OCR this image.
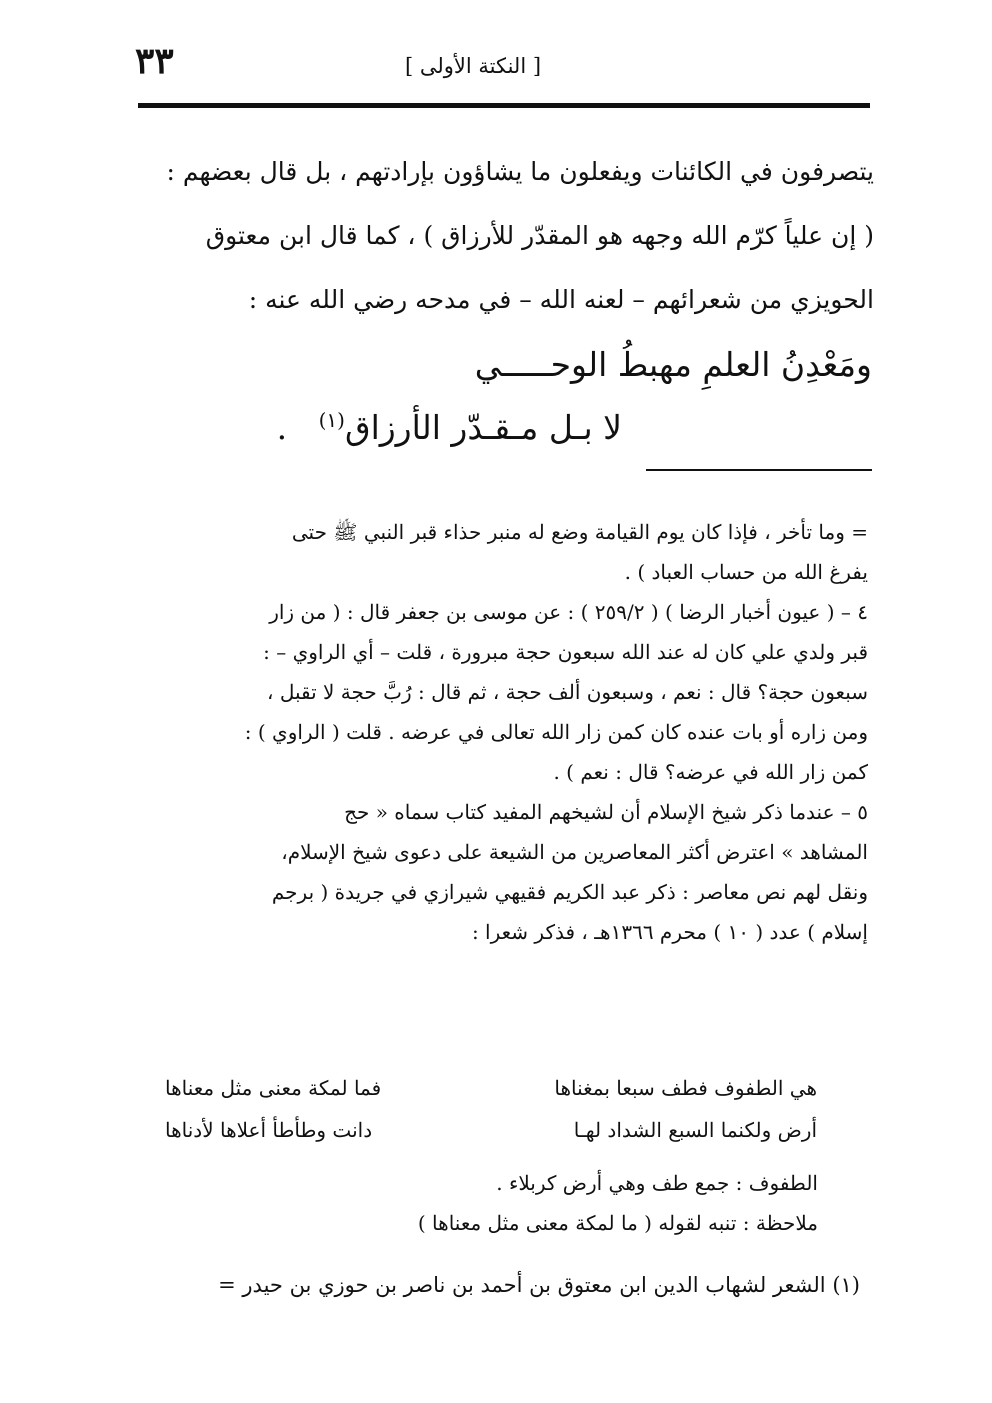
٣٣	[ النكتة الأولى ]
يتصرفون في الكائنات ويفعلون ما يشاؤون بإرادتهم ، بل قال بعضهم :
( إن علياً كرّم الله وجهه هو المقدّر للأرزاق ) ، كما قال ابن معتوق
الحويزي من شعرائهم – لعنه الله – في مدحه رضي الله عنه :
ومَعْدِنُ العلمِ مهبطُ الوحـــــي
لا بـل مـقـدّر الأرزاق$^{(١)}$   .
= وما تأخر ، فإذا كان يوم القيامة وضع له منبر حذاء قبر النبي ﷺ حتى
يفرغ الله من حساب العباد ) .
٤ – ( عيون أخبار الرضا ) ( ٢٥٩/٢ ) : عن موسى بن جعفر قال : ( من زار
قبر ولدي علي كان له عند الله سبعون حجة مبرورة ، قلت – أي الراوي – :
سبعون حجة؟ قال : نعم ، وسبعون ألف حجة ، ثم قال : رُبَّ حجة لا تقبل ،
ومن زاره أو بات عنده كان كمن زار الله تعالى في عرضه . قلت ( الراوي ) :
كمن زار الله في عرضه؟ قال : نعم ) .
٥ – عندما ذكر شيخ الإسلام أن لشيخهم المفيد كتاب سماه « حج
المشاهد » اعترض أكثر المعاصرين من الشيعة على دعوى شيخ الإسلام،
ونقل لهم نص معاصر : ذكر عبد الكريم فقيهي شيرازي في جريدة ( برجم
إسلام ) عدد ( ١٠ ) محرم ١٣٦٦هـ ، فذكر شعرا :
هي الطفوف فطف سبعا بمغناها
فما لمكة معنى مثل معناها
أرض ولكنما السبع الشداد لهـا
دانت وطأطأ أعلاها لأدناها
الطفوف : جمع طف وهي أرض كربلاء .
ملاحظة : تنبه لقوله ( ما لمكة معنى مثل معناها )
(١) الشعر لشهاب الدين ابن معتوق بن أحمد بن ناصر بن حوزي بن حيدر =
